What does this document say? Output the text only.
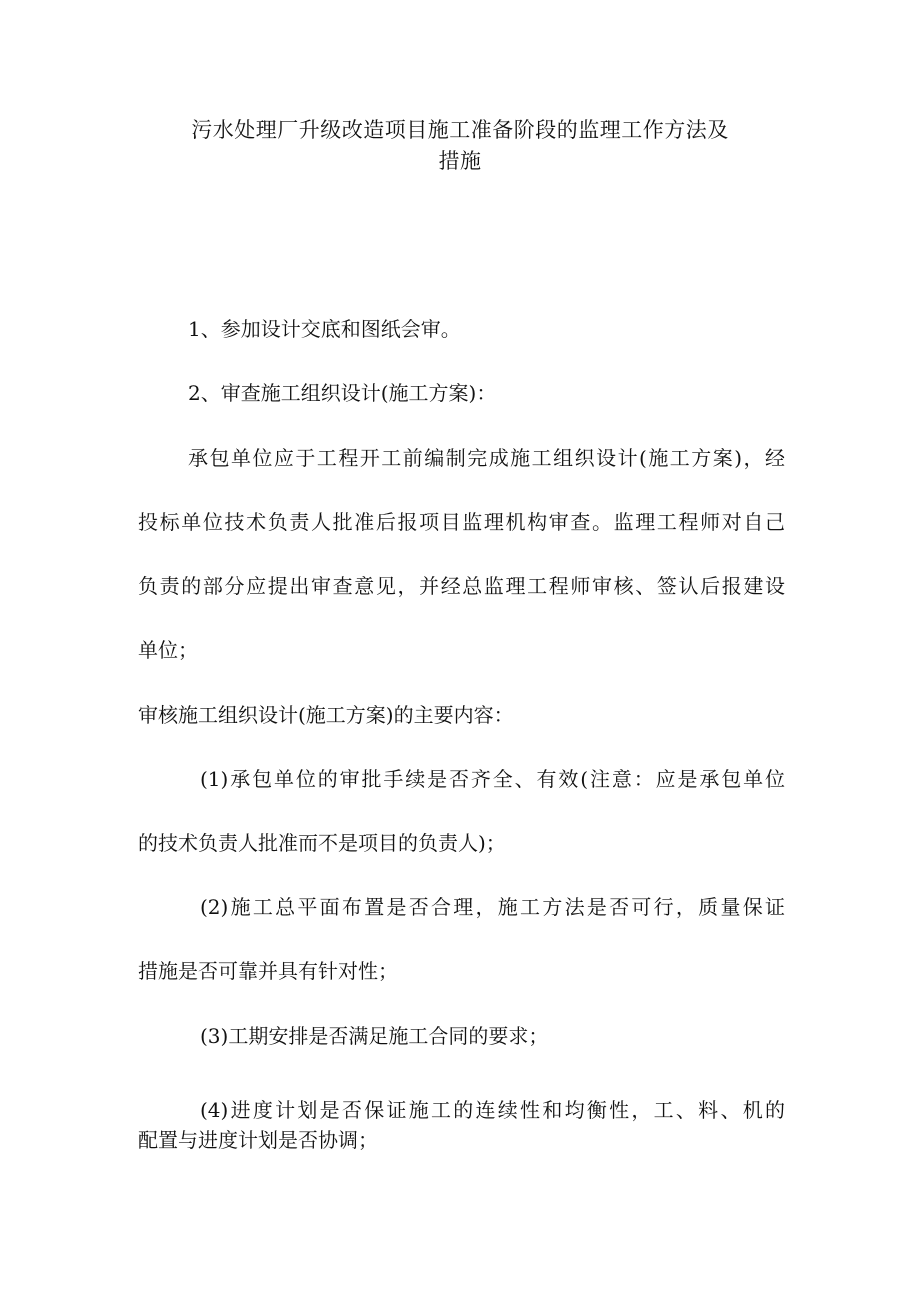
污水处理厂升级改造项目施工准备阶段的监理工作方法及
措施
1、参加设计交底和图纸会审。
2、审查施工组织设计(施工方案)：
承包单位应于工程开工前编制完成施工组织设计(施工方案)，经
投标单位技术负责人批准后报项目监理机构审查。监理工程师对自己
负责的部分应提出审查意见，并经总监理工程师审核、签认后报建设
单位；
审核施工组织设计(施工方案)的主要内容：
(1)承包单位的审批手续是否齐全、有效(注意：应是承包单位
的技术负责人批准而不是项目的负责人)；
(2)施工总平面布置是否合理，施工方法是否可行，质量保证
措施是否可靠并具有针对性；
(3)工期安排是否满足施工合同的要求；
(4)进度计划是否保证施工的连续性和均衡性，工、料、机的
配置与进度计划是否协调；
